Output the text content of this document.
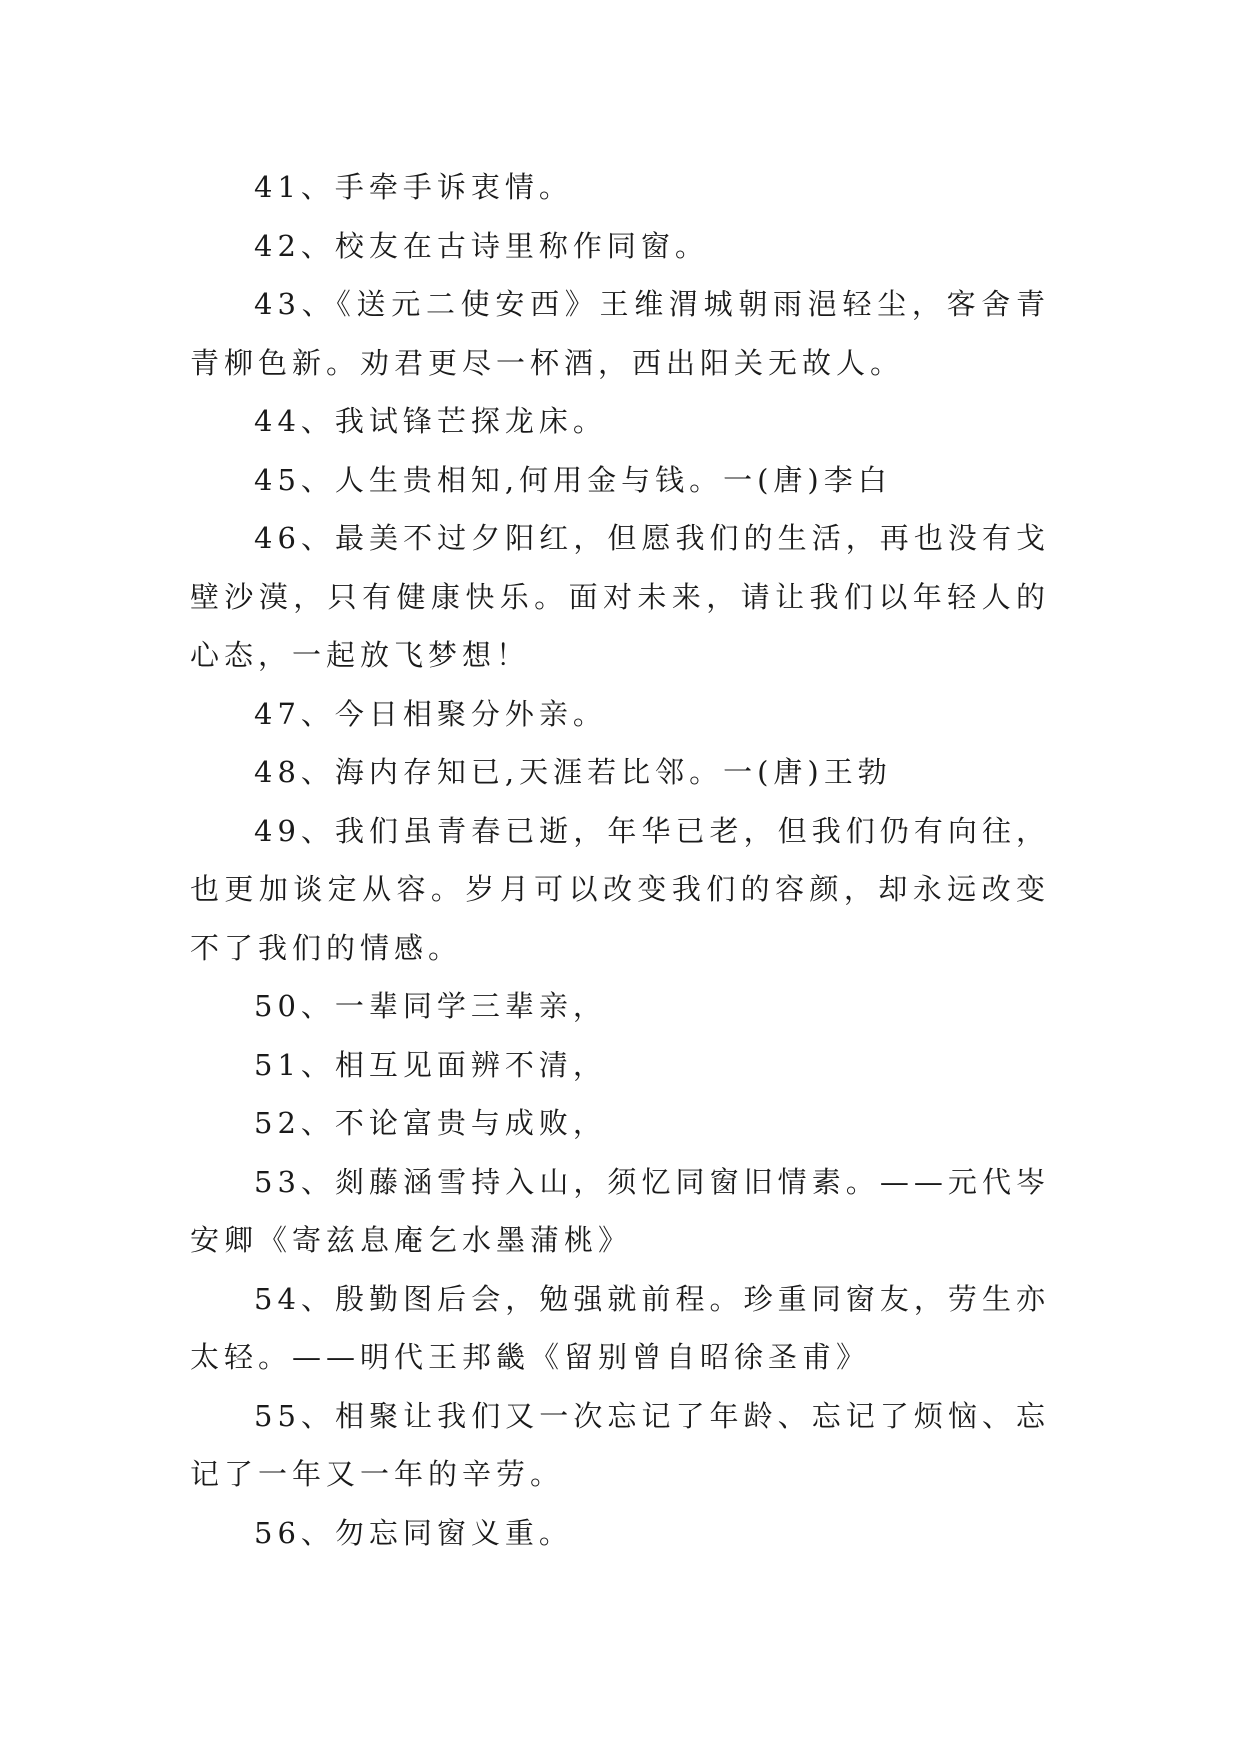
41、手牵手诉衷情。

42、校友在古诗里称作同窗。

43、《送元二使安西》王维渭城朝雨浥轻尘，客舍青青柳色新。劝君更尽一杯酒，西出阳关无故人。

44、我试锋芒探龙床。

45、人生贵相知,何用金与钱。一(唐)李白

46、最美不过夕阳红，但愿我们的生活，再也没有戈壁沙漠，只有健康快乐。面对未来，请让我们以年轻人的心态，一起放飞梦想！

47、今日相聚分外亲。

48、海内存知已,天涯若比邻。一(唐)王勃

49、我们虽青春已逝，年华已老，但我们仍有向往，也更加谈定从容。岁月可以改变我们的容颜，却永远改变不了我们的情感。

50、一辈同学三辈亲，

51、相互见面辨不清，

52、不论富贵与成败，

53、剡藤涵雪持入山，须忆同窗旧情素。——元代岑安卿《寄兹息庵乞水墨蒲桃》

54、殷勤图后会，勉强就前程。珍重同窗友，劳生亦太轻。——明代王邦畿《留别曾自昭徐圣甫》

55、相聚让我们又一次忘记了年龄、忘记了烦恼、忘记了一年又一年的辛劳。

56、勿忘同窗义重。
